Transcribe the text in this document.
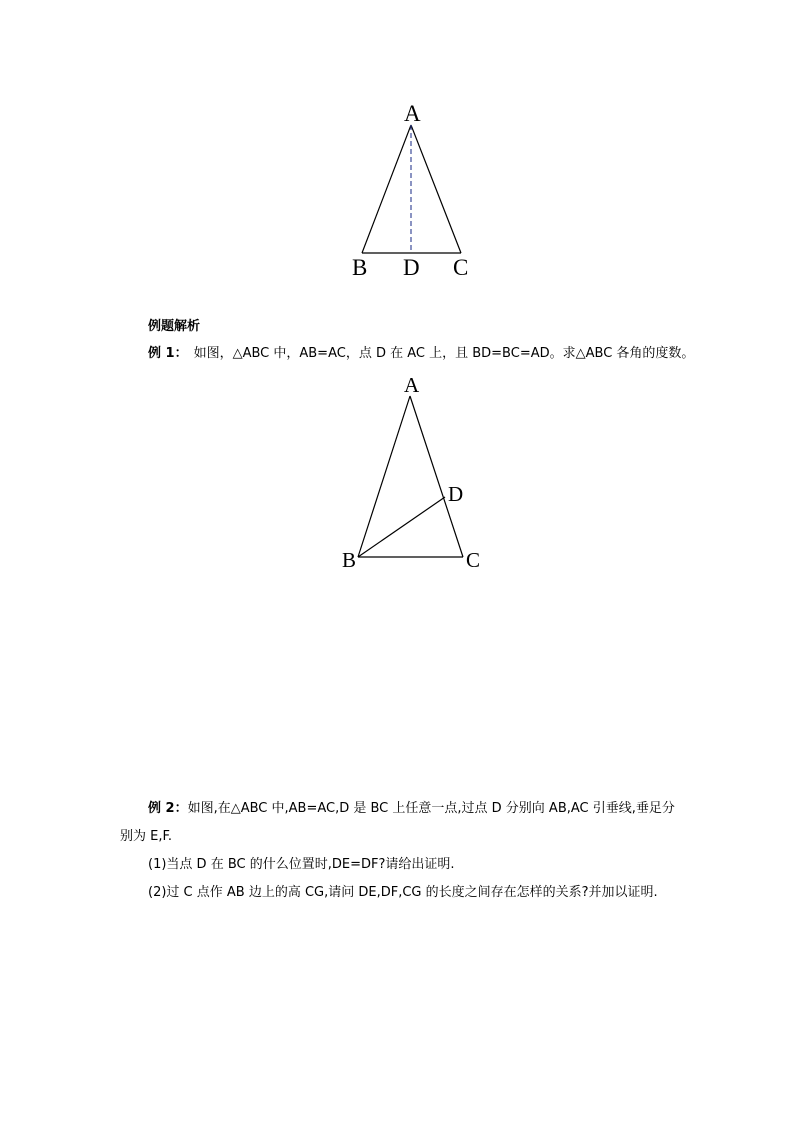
A
B D C
例题解析
例 1： 如图，△ABC 中，AB=AC，点 D 在 AC 上，且 BD=BC=AD。求△ABC 各角的度数。
A
D
B	C
例 2：如图,在△ABC 中,AB=AC,D 是 BC 上任意一点,过点 D 分别向 AB,AC 引垂线,垂足分
别为 E,F.
(1)当点 D 在 BC 的什么位置时,DE=DF?请给出证明.
(2)过 C 点作 AB 边上的高 CG,请问 DE,DF,CG 的长度之间存在怎样的关系?并加以证明.
